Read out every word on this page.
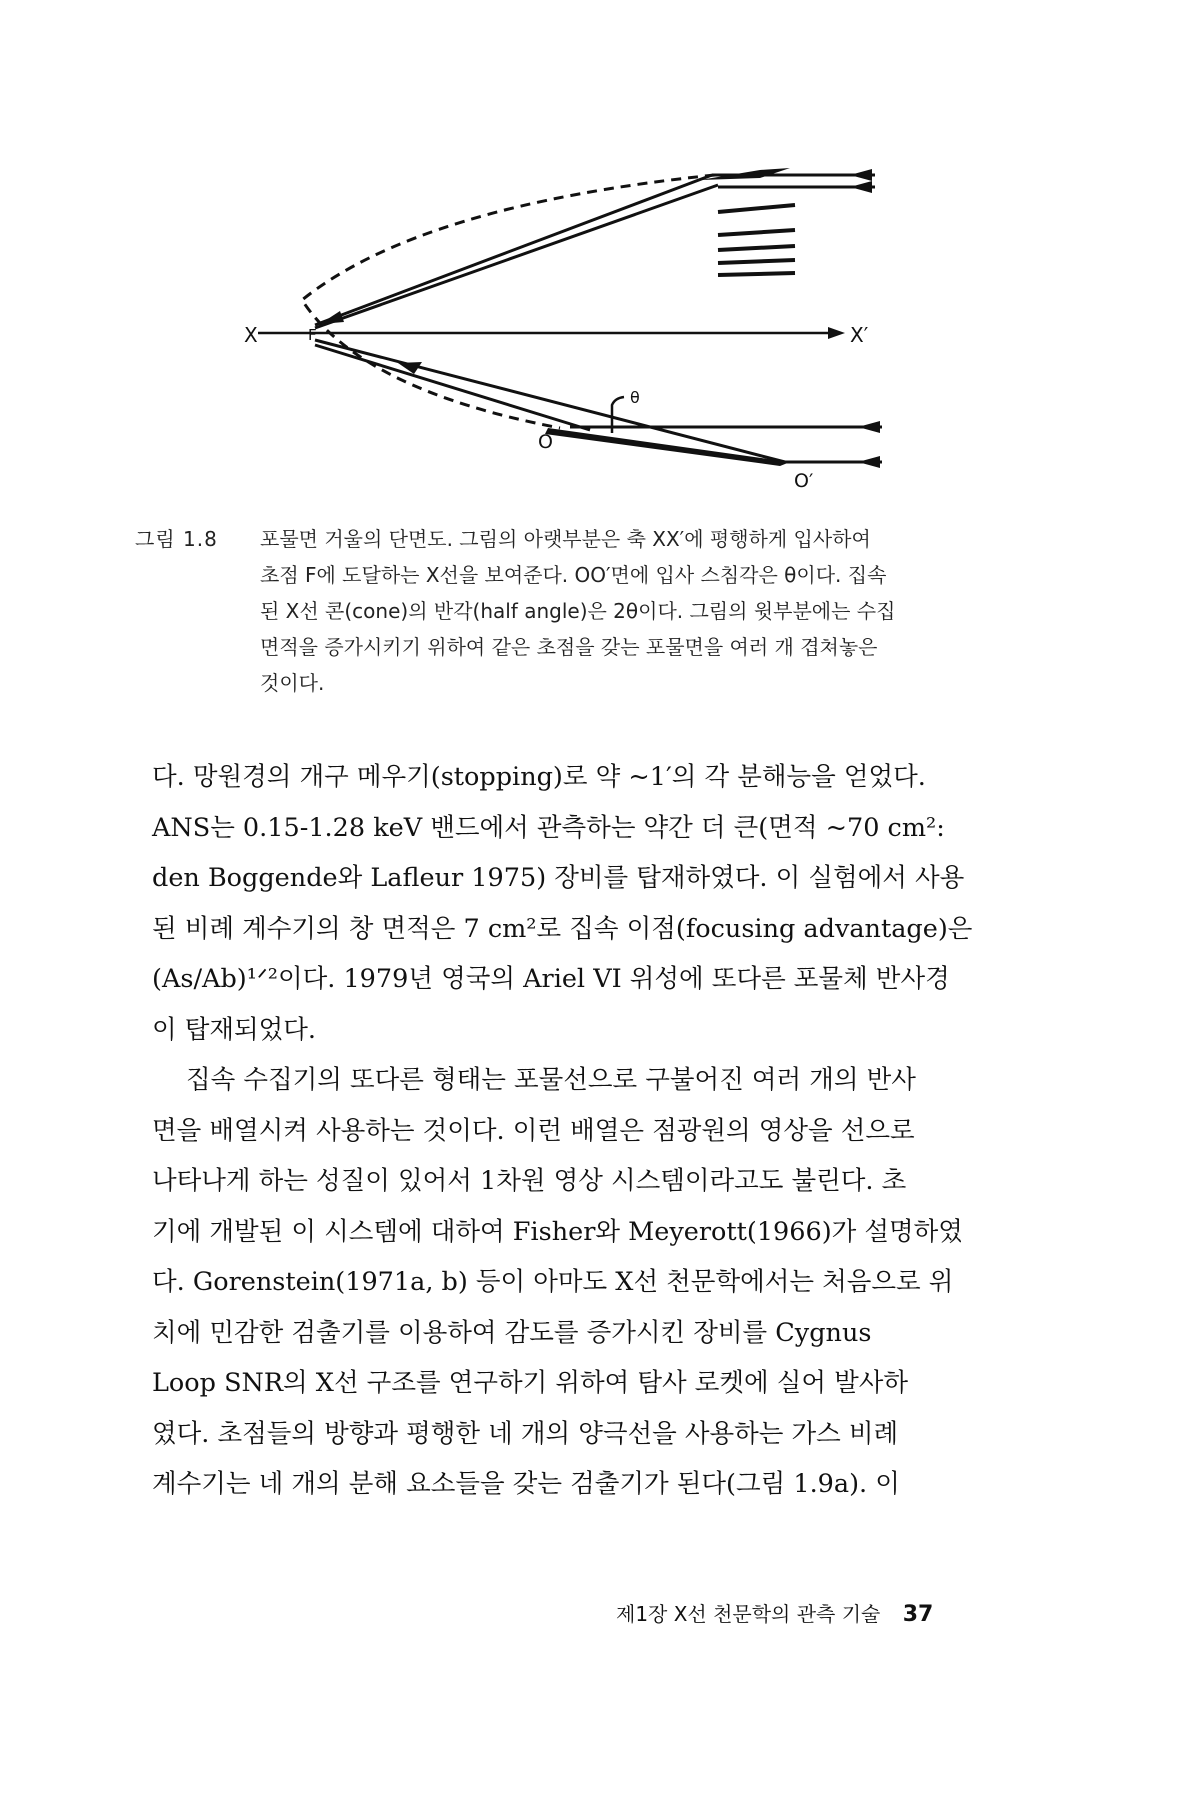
X	X′
F
O
O′
θ
그림 1.8 포물면 거울의 단면도. 그림의 아랫부분은 축 XX′에 평행하게 입사하여
초점 F에 도달하는 X선을 보여준다. OO′면에 입사 스침각은 θ이다. 집속
된 X선 콘(cone)의 반각(half angle)은 2θ이다. 그림의 윗부분에는 수집
면적을 증가시키기 위하여 같은 초점을 갖는 포물면을 여러 개 겹쳐놓은
것이다.
다. 망원경의 개구 메우기(stopping)로 약 ~1′의 각 분해능을 얻었다.
ANS는 0.15-1.28 keV 밴드에서 관측하는 약간 더 큰(면적 ~70 cm²:
den Boggende와 Lafleur 1975) 장비를 탑재하였다. 이 실험에서 사용
된 비례 계수기의 창 면적은 7 cm²로 집속 이점(focusing advantage)은
(As/Ab)¹ᐟ²이다. 1979년 영국의 Ariel VI 위성에 또다른 포물체 반사경
이 탑재되었다.
집속 수집기의 또다른 형태는 포물선으로 구불어진 여러 개의 반사
면을 배열시켜 사용하는 것이다. 이런 배열은 점광원의 영상을 선으로
나타나게 하는 성질이 있어서 1차원 영상 시스템이라고도 불린다. 초
기에 개발된 이 시스템에 대하여 Fisher와 Meyerott(1966)가 설명하였
다. Gorenstein(1971a, b) 등이 아마도 X선 천문학에서는 처음으로 위
치에 민감한 검출기를 이용하여 감도를 증가시킨 장비를 Cygnus
Loop SNR의 X선 구조를 연구하기 위하여 탐사 로켓에 실어 발사하
였다. 초점들의 방향과 평행한 네 개의 양극선을 사용하는 가스 비례
계수기는 네 개의 분해 요소들을 갖는 검출기가 된다(그림 1.9a). 이
제1장 X선 천문학의 관측 기술 37
